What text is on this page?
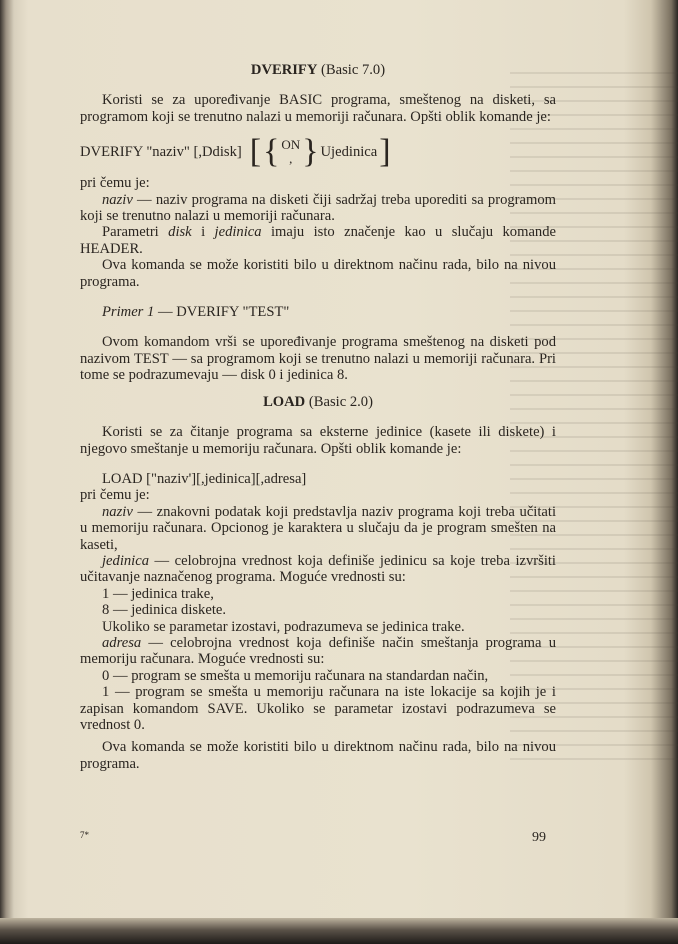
DVERIFY (Basic 7.0)

Koristi se za upoređivanje BASIC programa, smeštenog na disketi, sa programom koji se trenutno nalazi u memoriji računara. Opšti oblik komande je:

DVERIFY "naziv" [,Ddisk] [ { ON
, } Ujedinica ]

pri čemu je:

naziv — naziv programa na disketi čiji sadržaj treba uporediti sa programom koji se trenutno nalazi u memoriji računara.

Parametri disk i jedinica imaju isto značenje kao u slučaju komande HEADER.

Ova komanda se može koristiti bilo u direktnom načinu rada, bilo na nivou programa.

Primer 1 — DVERIFY "TEST"

Ovom komandom vrši se upoređivanje programa smeštenog na disketi pod nazivom TEST — sa programom koji se trenutno nalazi u memoriji računara. Pri tome se podrazumevaju — disk 0 i jedinica 8.

LOAD (Basic 2.0)

Koristi se za čitanje programa sa eksterne jedinice (kasete ili diskete) i njegovo smeštanje u memoriju računara. Opšti oblik komande je:

LOAD ["naziv'][,jedinica][,adresa]

pri čemu je:

naziv — znakovni podatak koji predstavlja naziv programa koji treba učitati u memoriju računara. Opcionog je karaktera u slučaju da je program smešten na kaseti,

jedinica — celobrojna vrednost koja definiše jedinicu sa koje treba izvršiti učitavanje naznačenog programa. Moguće vrednosti su:

1 — jedinica trake,

8 — jedinica diskete.

Ukoliko se parametar izostavi, podrazumeva se jedinica trake.

adresa — celobrojna vrednost koja definiše način smeštanja programa u memoriju računara. Moguće vrednosti su:

0 — program se smešta u memoriju računara na standardan način,

1 — program se smešta u memoriju računara na iste lokacije sa kojih je i zapisan komandom SAVE. Ukoliko se parametar izostavi podrazumeva se vrednost 0.

Ova komanda se može koristiti bilo u direktnom načinu rada, bilo na nivou programa.

7*	99
